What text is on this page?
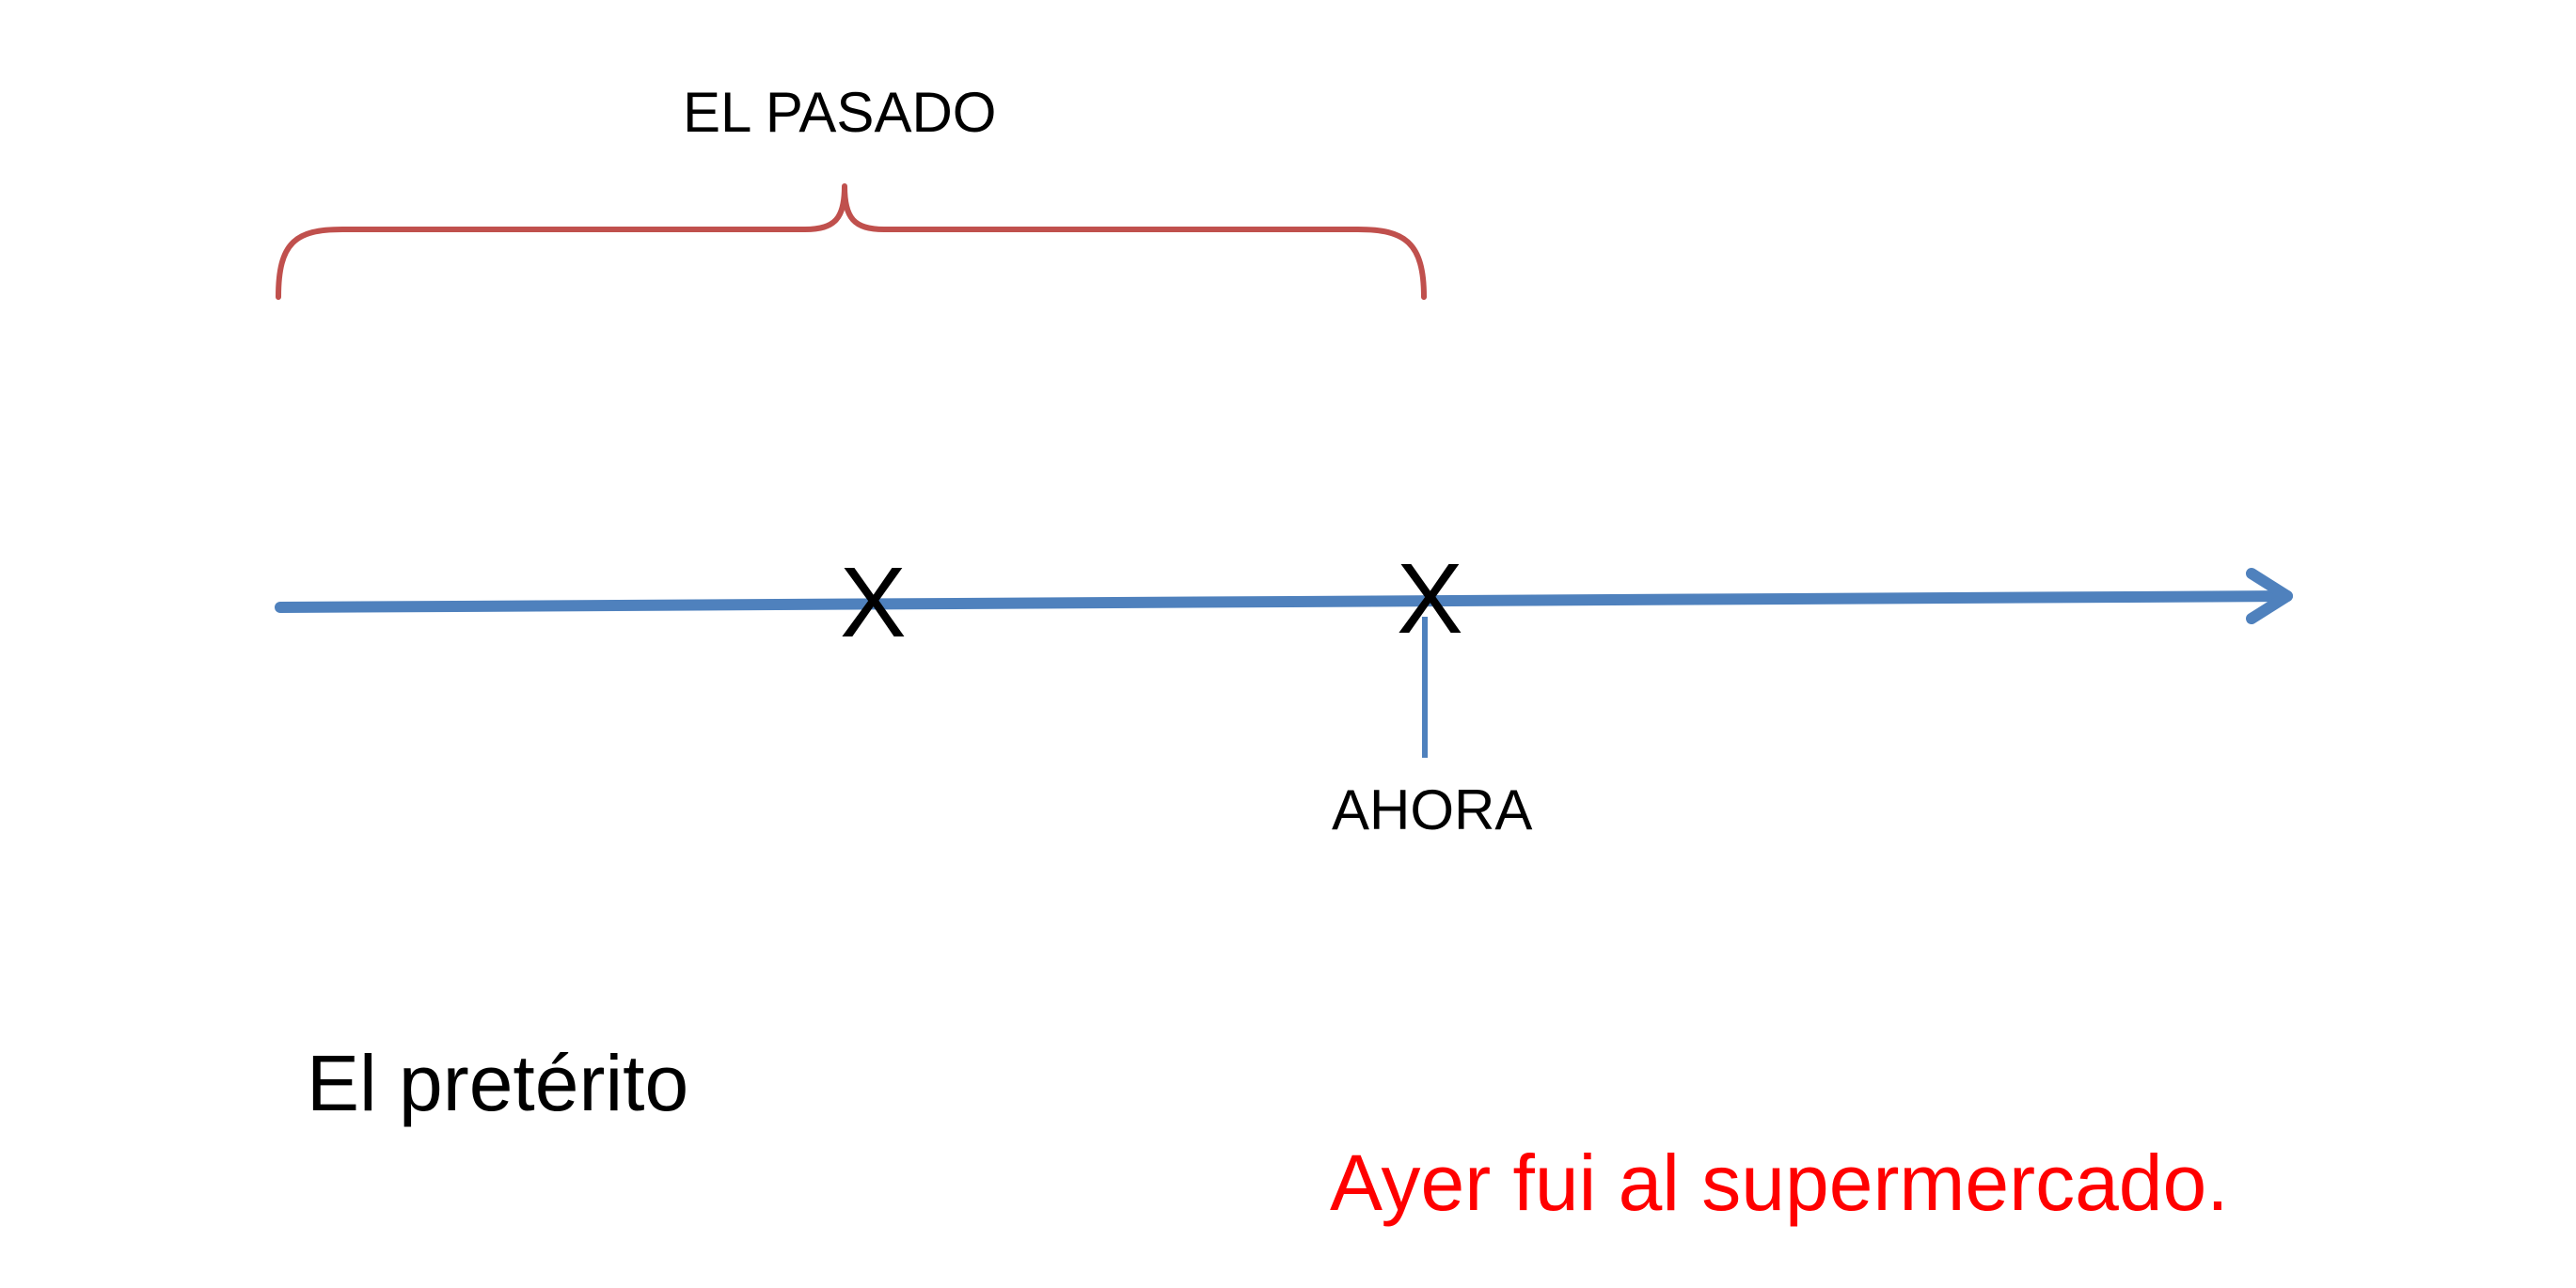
EL PASADO
X	X
AHORA
El pretérito
Ayer fui al supermercado.
